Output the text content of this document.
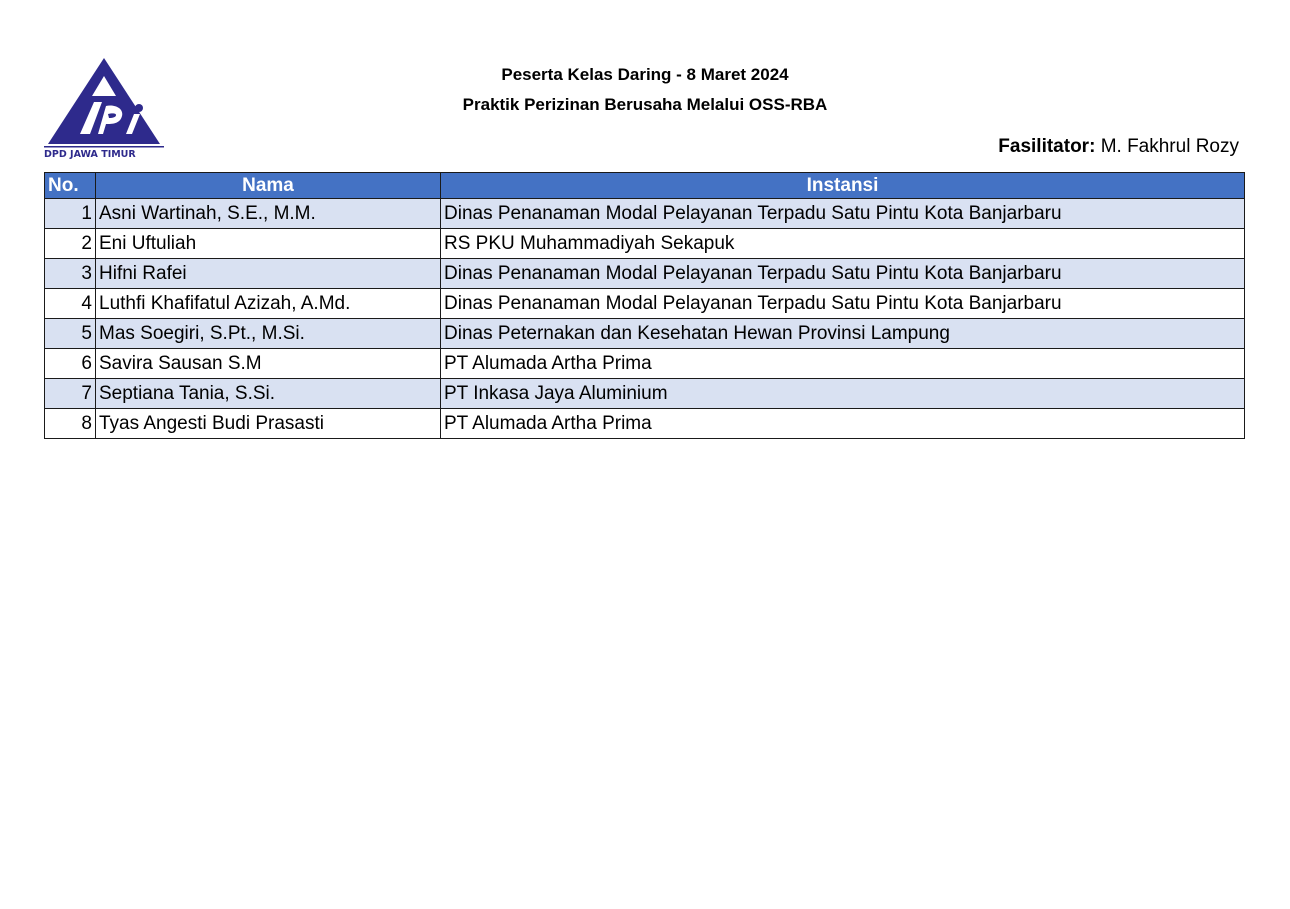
DPD JAWA TIMUR
Peserta Kelas Daring - 8 Maret 2024
Praktik Perizinan Berusaha Melalui OSS-RBA
Fasilitator: M. Fakhrul Rozy
No.	Nama	Instansi
1	Asni Wartinah, S.E., M.M.	Dinas Penanaman Modal Pelayanan Terpadu Satu Pintu Kota Banjarbaru
2	Eni Uftuliah	RS PKU Muhammadiyah Sekapuk
3	Hifni Rafei	Dinas Penanaman Modal Pelayanan Terpadu Satu Pintu Kota Banjarbaru
4	Luthfi Khafifatul Azizah, A.Md.	Dinas Penanaman Modal Pelayanan Terpadu Satu Pintu Kota Banjarbaru
5	Mas Soegiri, S.Pt., M.Si.	Dinas Peternakan dan Kesehatan Hewan Provinsi Lampung
6	Savira Sausan S.M	PT Alumada Artha Prima
7	Septiana Tania, S.Si.	PT Inkasa Jaya Aluminium
8	Tyas Angesti Budi Prasasti	PT Alumada Artha Prima
